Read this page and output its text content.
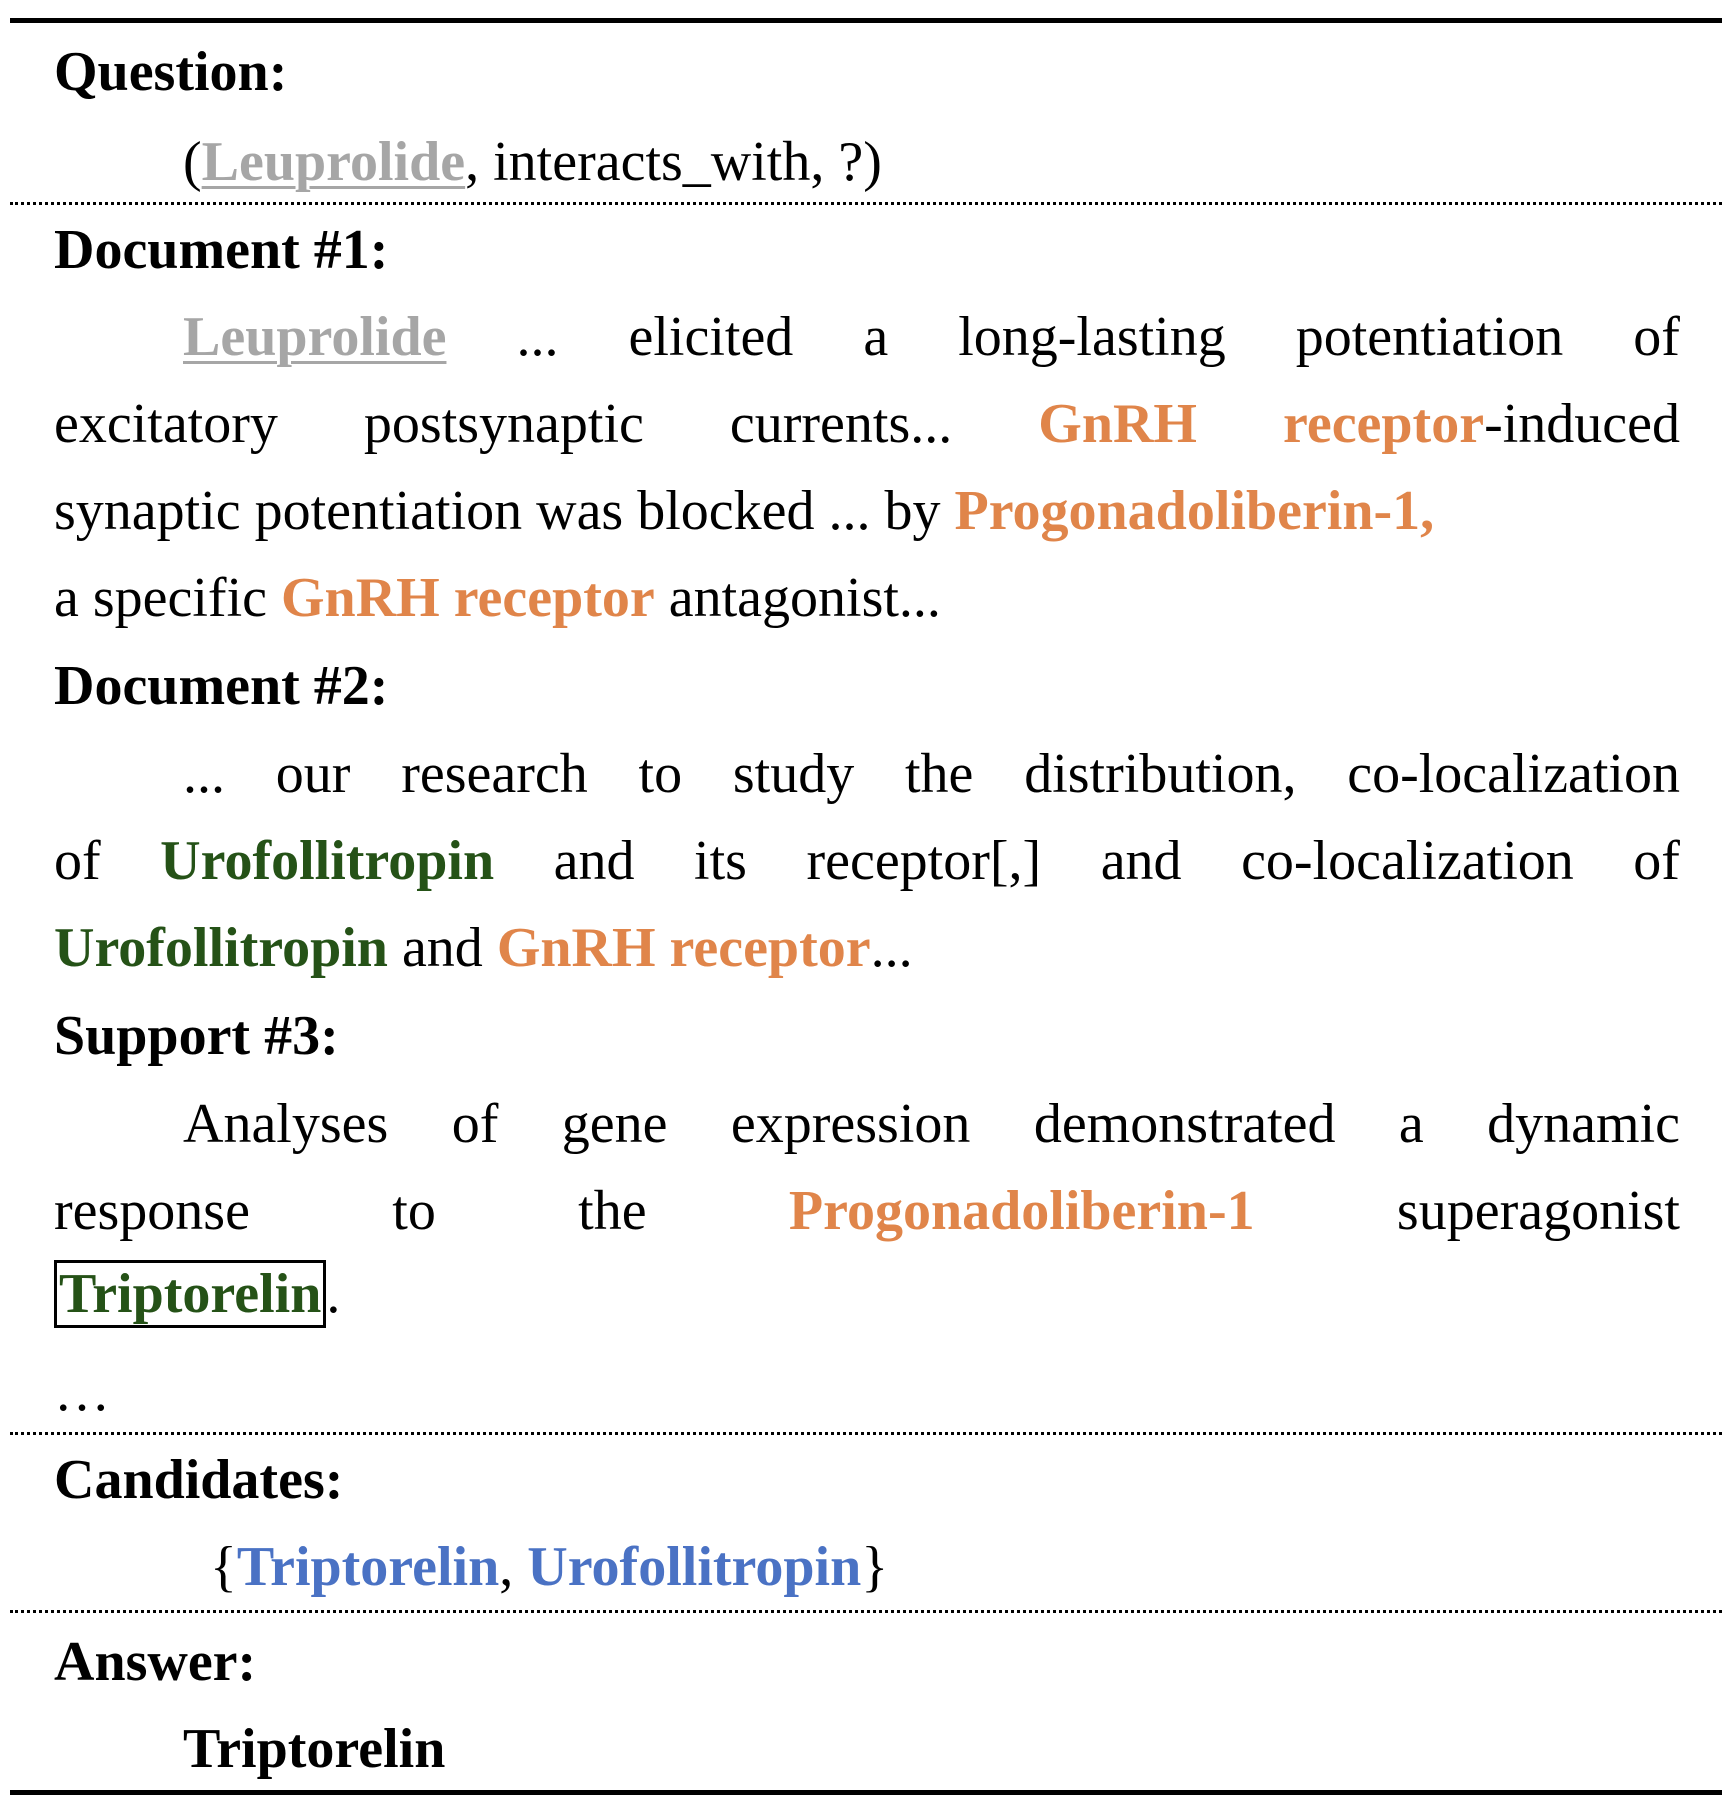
Question:
(Leuprolide, interacts_with, ?)
Document #1:
Leuprolide ... elicited a long-lasting potentiation of
excitatory postsynaptic currents... GnRH receptor-induced
synaptic potentiation was blocked ... by Progonadoliberin-1,
a specific GnRH receptor antagonist...
Document #2:
... our research to study the distribution, co-localization
of Urofollitropin and its receptor[,] and co-localization of
Urofollitropin and GnRH receptor...
Support #3:
Analyses of gene expression demonstrated a dynamic
response	to	the	Progonadoliberin-1	superagonist
Triptorelin.
…
Candidates:
{Triptorelin, Urofollitropin}
Answer:
Triptorelin
